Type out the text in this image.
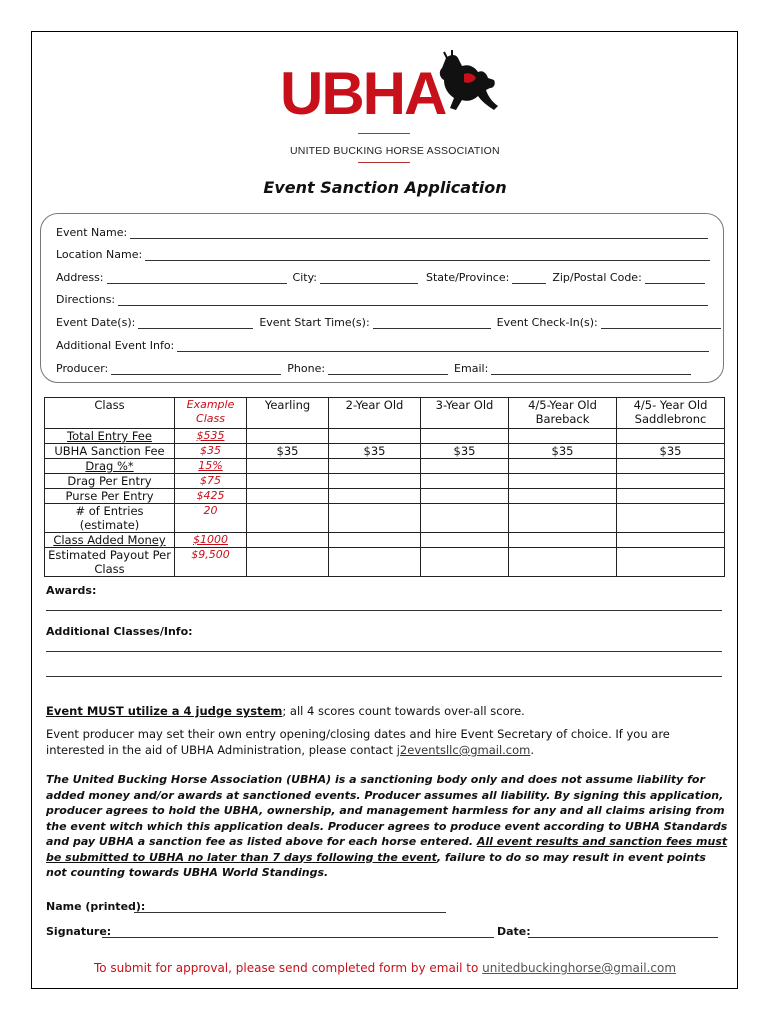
UBHA
UNITED BUCKING HORSE ASSOCIATION
Event Sanction Application
Event Name:
Location Name:
Address:	City:	State/Province:	Zip/Postal Code:
Directions:
Event Date(s):	Event Start Time(s):	Event Check-In(s):
Additional Event Info:
Producer:	Phone:	Email:
Class	Example Class	Yearling	2-Year Old	3-Year Old	4/5-Year Old Bareback	4/5- Year Old Saddlebronc
Total Entry Fee	$535					
UBHA Sanction Fee	$35	$35	$35	$35	$35	$35
Drag %*	15%					
Drag Per Entry	$75					
Purse Per Entry	$425					
# of Entries (estimate)	20					
Class Added Money	$1000					
Estimated Payout Per Class	$9,500					
Awards:
Additional Classes/Info:
Event MUST utilize a 4 judge system; all 4 scores count towards over-all score.
Event producer may set their own entry opening/closing dates and hire Event Secretary of choice. If you are interested in the aid of UBHA Administration, please contact j2eventsllc@gmail.com.
The United Bucking Horse Association (UBHA) is a sanctioning body only and does not assume liability for added money and/or awards at sanctioned events. Producer assumes all liability. By signing this application, producer agrees to hold the UBHA, ownership, and management harmless for any and all claims arising from the event witch which this application deals. Producer agrees to produce event according to UBHA Standards and pay UBHA a sanction fee as listed above for each horse entered. All event results and sanction fees must be submitted to UBHA no later than 7 days following the event, failure to do so may result in event points not counting towards UBHA World Standings.
Name (printed):
Signature:	Date:
To submit for approval, please send completed form by email to unitedbuckinghorse@gmail.com
